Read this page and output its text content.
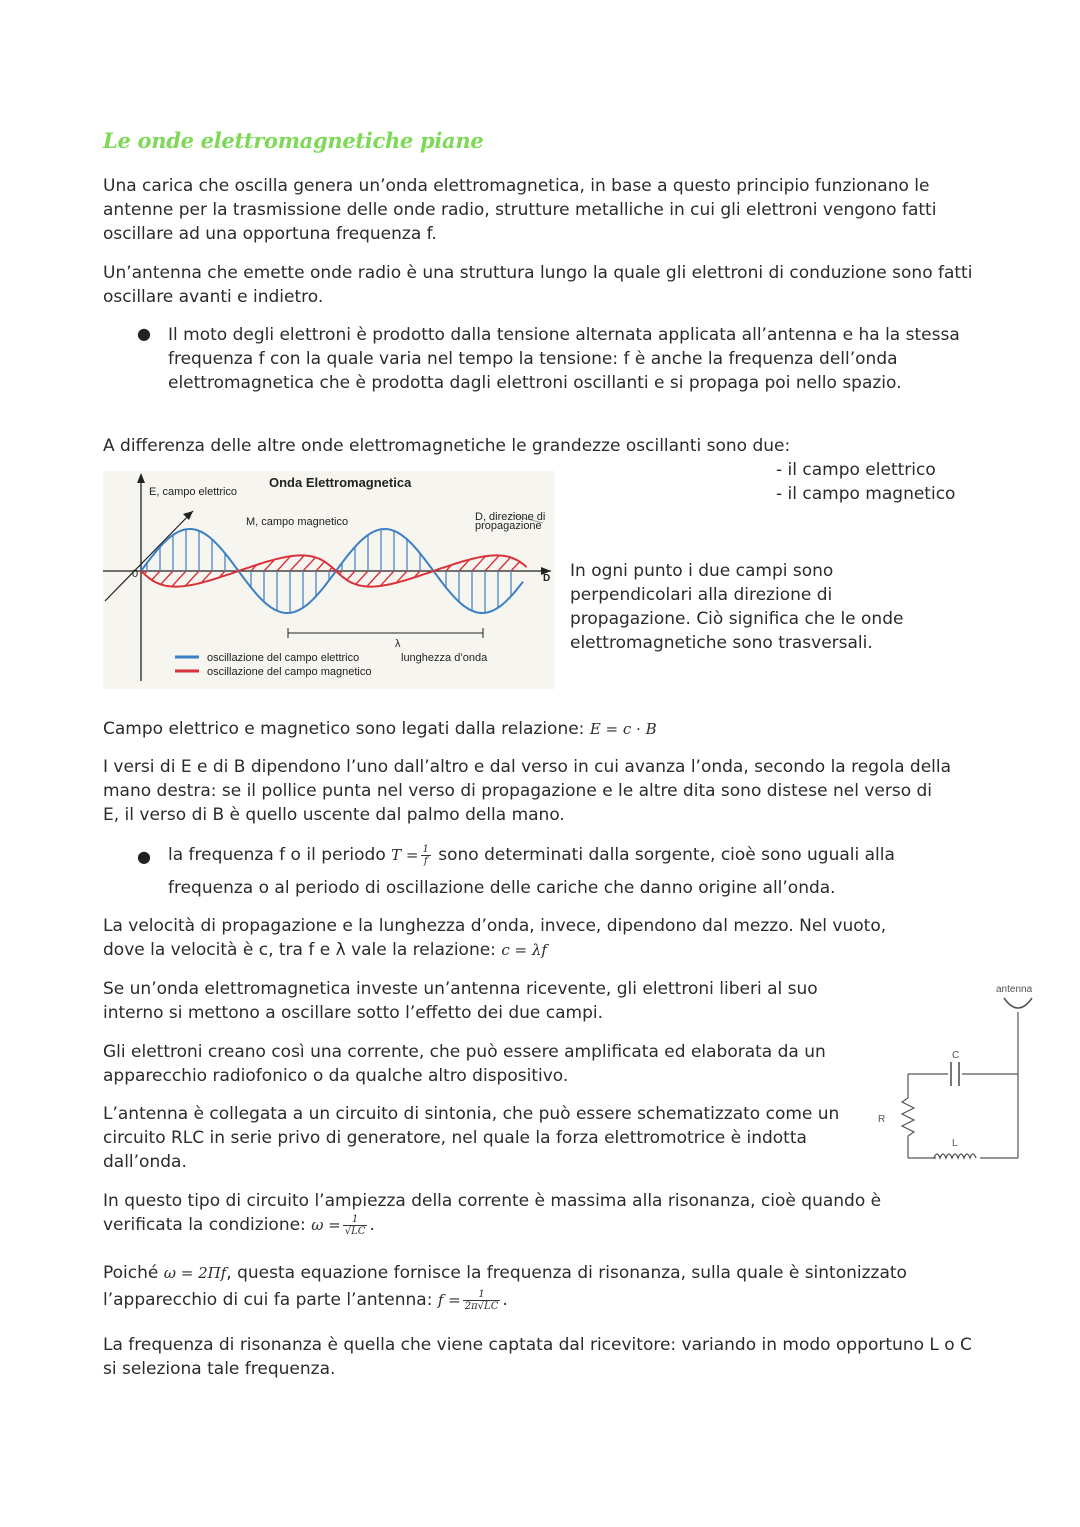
Le onde elettromagnetiche piane
Una carica che oscilla genera un’onda elettromagnetica, in base a questo principio funzionano le antenne per la trasmissione delle onde radio, strutture metalliche in cui gli elettroni vengono fatti oscillare ad una opportuna frequenza f.
Un’antenna che emette onde radio è una struttura lungo la quale gli elettroni di conduzione sono fatti oscillare avanti e indietro.
● Il moto degli elettroni è prodotto dalla tensione alternata applicata all’antenna e ha la stessa frequenza f con la quale varia nel tempo la tensione: f è anche la frequenza dell’onda elettromagnetica che è prodotta dagli elettroni oscillanti e si propaga poi nello spazio.
A differenza delle altre onde elettromagnetiche le grandezze oscillanti sono due:
- il campo elettrico
- il campo magnetico
Onda Elettromagnetica
E, campo elettrico
M, campo magnetico	D, direzione di
propagazione
0	D
λ
lunghezza d’onda
oscillazione del campo elettrico
oscillazione del campo magnetico
In ogni punto i due campi sono perpendicolari alla direzione di propagazione. Ciò significa che le onde elettromagnetiche sono trasversali.
Campo elettrico e magnetico sono legati dalla relazione: E = c · B
I versi di E e di B dipendono l’uno dall’altro e dal verso in cui avanza l’onda, secondo la regola della mano destra: se il pollice punta nel verso di propagazione e le altre dita sono distese nel verso di E, il verso di B è quello uscente dal palmo della mano.
● la frequenza f o il periodo $T = \frac{1}{f}$ sono determinati dalla sorgente, cioè sono uguali alla
frequenza o al periodo di oscillazione delle cariche che danno origine all’onda.
La velocità di propagazione e la lunghezza d’onda, invece, dipendono dal mezzo. Nel vuoto,
dove la velocità è c, tra f e λ vale la relazione: c = λf
Se un’onda elettromagnetica investe un’antenna ricevente, gli elettroni liberi al suo interno si mettono a oscillare sotto l’effetto dei due campi.
Gli elettroni creano così una corrente, che può essere amplificata ed elaborata da un apparecchio radiofonico o da qualche altro dispositivo.
L’antenna è collegata a un circuito di sintonia, che può essere schematizzato come un circuito RLC in serie privo di generatore, nel quale la forza elettromotrice è indotta dall’onda.
antenna
C
R
L
In questo tipo di circuito l’ampiezza della corrente è massima alla risonanza, cioè quando è
verificata la condizione: $\omega = \frac{1}{√LC}$ .
Poiché ω = 2Πf, questa equazione fornisce la frequenza di risonanza, sulla quale è sintonizzato
l’apparecchio di cui fa parte l’antenna: $f = \frac{1}{2\pi√LC}$ .
La frequenza di risonanza è quella che viene captata dal ricevitore: variando in modo opportuno L o C si seleziona tale frequenza.
